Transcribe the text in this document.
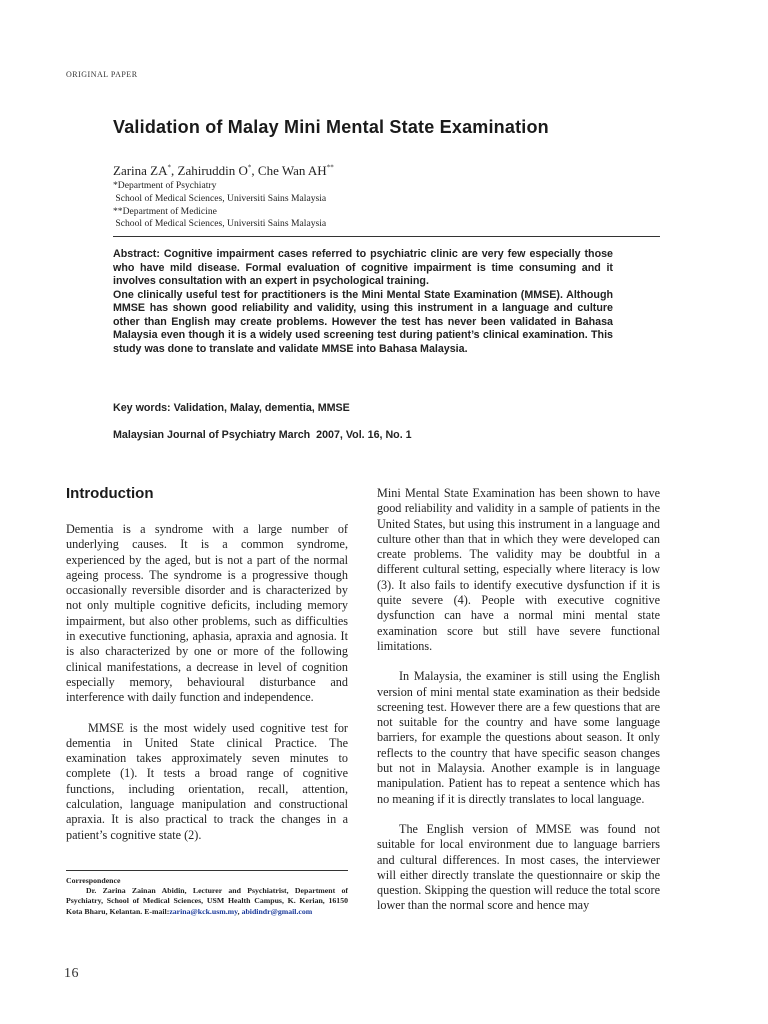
ORIGINAL PAPER
Validation of Malay Mini Mental State Examination
Zarina ZA*, Zahiruddin O*, Che Wan AH**
*Department of Psychiatry
School of Medical Sciences, Universiti Sains Malaysia
**Department of Medicine
School of Medical Sciences, Universiti Sains Malaysia

Abstract: Cognitive impairment cases referred to psychiatric clinic are very few especially those who have mild disease. Formal evaluation of cognitive impairment is time consuming and it involves consultation with an expert in psychological training.

One clinically useful test for practitioners is the Mini Mental State Examination (MMSE). Although MMSE has shown good reliability and validity, using this instrument in a language and culture other than English may create problems. However the test has never been validated in Bahasa Malaysia even though it is a widely used screening test during patient’s clinical examination. This study was done to translate and validate MMSE into Bahasa Malaysia.

Key words: Validation, Malay, dementia, MMSE
Malaysian Journal of Psychiatry March  2007, Vol. 16, No. 1
Introduction

Dementia is a syndrome with a large number of underlying causes. It is a common syndrome, experienced by the aged, but is not a part of the normal ageing process. The syndrome is a progressive though occasionally reversible disorder and is characterized by not only multiple cognitive deficits, including memory impairment, but also other problems, such as difficulties in executive functioning, aphasia, apraxia and agnosia. It is also characterized by one or more of the following clinical manifestations, a decrease in level of cognition especially memory, behavioural disturbance and interference with daily function and independence.

MMSE is the most widely used cognitive test for dementia in United State clinical Practice. The examination takes approximately seven minutes to complete (1). It tests a broad range of cognitive functions, including orientation, recall, attention, calculation, language manipulation and constructional apraxia. It is also practical to track the changes in a patient’s cognitive state (2).

Mini Mental State Examination has been shown to have good reliability and validity in a sample of patients in the United States, but using this instrument in a language and culture other than that in which they were developed can create problems. The validity may be doubtful in a different cultural setting, especially where literacy is low (3). It also fails to identify executive dysfunction if it is quite severe (4). People with executive cognitive dysfunction can have a normal mini mental state examination score but still have severe functional limitations.

In Malaysia, the examiner is still using the English version of mini mental state examination as their bedside screening test. However there are a few questions that are not suitable for the country and have some language barriers, for example the questions about season. It only reflects to the country that have specific season changes but not in Malaysia. Another example is in language manipulation. Patient has to repeat a sentence which has no meaning if it is directly translates to local language.

The English version of MMSE was found not suitable for local environment due to language barriers and cultural differences. In most cases, the interviewer will either directly translate the questionnaire or skip the question. Skipping the question will reduce the total score lower than the normal score and hence may

Correspondence
Dr. Zarina Zainan Abidin, Lecturer and Psychiatrist, Department of Psychiatry, School of Medical Sciences, USM Health Campus, K. Kerian, 16150 Kota Bharu, Kelantan. E-mail:zarina@kck.usm.my, abidindr@gmail.com
16
